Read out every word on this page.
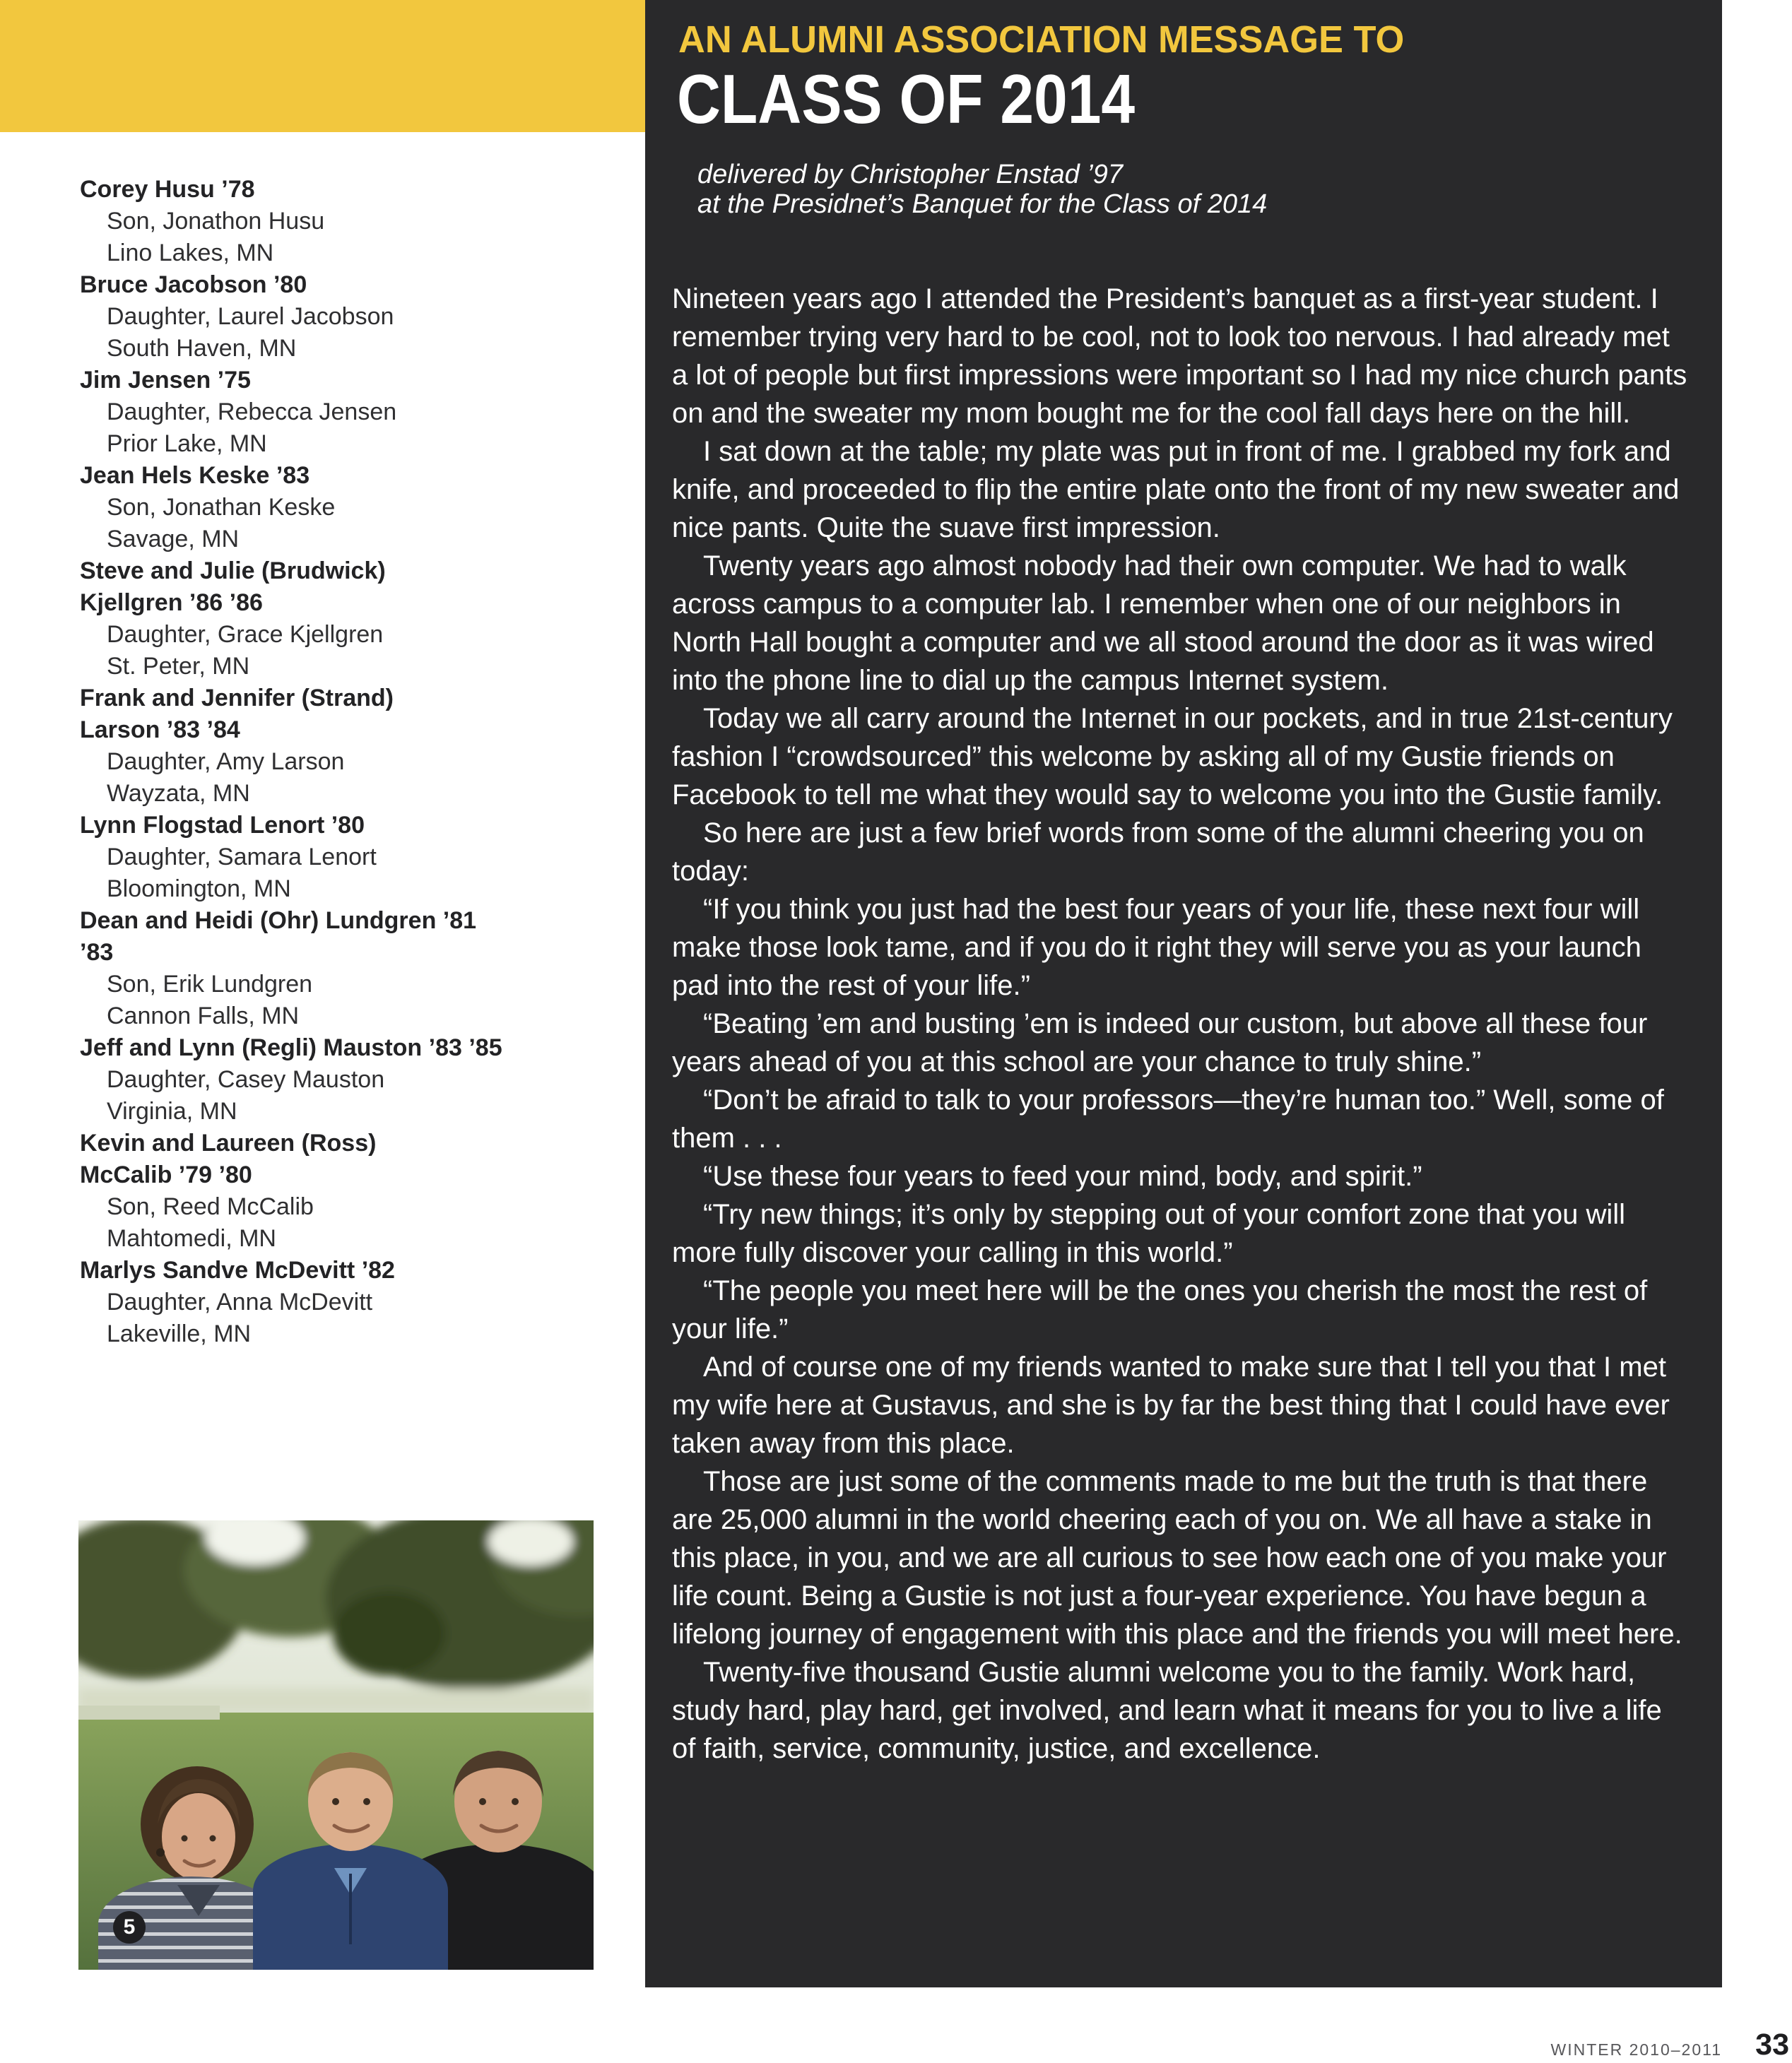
AN ALUMNI ASSOCIATION MESSAGE TO
CLASS OF 2014
delivered by Christopher Enstad ’97
at the Presidnet’s Banquet for the Class of 2014

Nineteen years ago I attended the President’s banquet as a first-year student. I remember trying very hard to be cool, not to look too nervous. I had already met a lot of people but first impressions were important so I had my nice church pants on and the sweater my mom bought me for the cool fall days here on the hill.

I sat down at the table; my plate was put in front of me. I grabbed my fork and knife, and proceeded to flip the entire plate onto the front of my new sweater and nice pants. Quite the suave first impression.

Twenty years ago almost nobody had their own computer. We had to walk across campus to a computer lab. I remember when one of our neighbors in North Hall bought a computer and we all stood around the door as it was wired into the phone line to dial up the campus Internet system.

Today we all carry around the Internet in our pockets, and in true 21st-century fashion I “crowdsourced” this welcome by asking all of my Gustie friends on Facebook to tell me what they would say to welcome you into the Gustie family.

So here are just a few brief words from some of the alumni cheering you on today:

“If you think you just had the best four years of your life, these next four will make those look tame, and if you do it right they will serve you as your launch pad into the rest of your life.”

“Beating ’em and busting ’em is indeed our custom, but above all these four years ahead of you at this school are your chance to truly shine.”

“Don’t be afraid to talk to your professors—they’re human too.” Well, some of them . . .

“Use these four years to feed your mind, body, and spirit.”

“Try new things; it’s only by stepping out of your comfort zone that you will more fully discover your calling in this world.”

“The people you meet here will be the ones you cherish the most the rest of your life.”

And of course one of my friends wanted to make sure that I tell you that I met my wife here at Gustavus, and she is by far the best thing that I could have ever taken away from this place.

Those are just some of the comments made to me but the truth is that there are 25,000 alumni in the world cheering each of you on. We all have a stake in this place, in you, and we are all curious to see how each one of you make your life count. Being a Gustie is not just a four-year experience. You have begun a lifelong journey of engagement with this place and the friends you will meet here.

Twenty-five thousand Gustie alumni welcome you to the family. Work hard, study hard, play hard, get involved, and learn what it means for you to live a life of faith, service, community, justice, and excellence.

Corey Husu ’78
Son, Jonathon Husu
Lino Lakes, MN
Bruce Jacobson ’80
Daughter, Laurel Jacobson
South Haven, MN
Jim Jensen ’75
Daughter, Rebecca Jensen
Prior Lake, MN
Jean Hels Keske ’83
Son, Jonathan Keske
Savage, MN
Steve and Julie (Brudwick)
Kjellgren ’86 ’86
Daughter, Grace Kjellgren
St. Peter, MN
Frank and Jennifer (Strand)
Larson ’83 ’84
Daughter, Amy Larson
Wayzata, MN
Lynn Flogstad Lenort ’80
Daughter, Samara Lenort
Bloomington, MN
Dean and Heidi (Ohr) Lundgren ’81
’83
Son, Erik Lundgren
Cannon Falls, MN
Jeff and Lynn (Regli) Mauston ’83 ’85
Daughter, Casey Mauston
Virginia, MN
Kevin and Laureen (Ross)
McCalib ’79 ’80
Son, Reed McCalib
Mahtomedi, MN
Marlys Sandve McDevitt ’82
Daughter, Anna McDevitt
Lakeville, MN
5
WINTER 2010–2011 33
